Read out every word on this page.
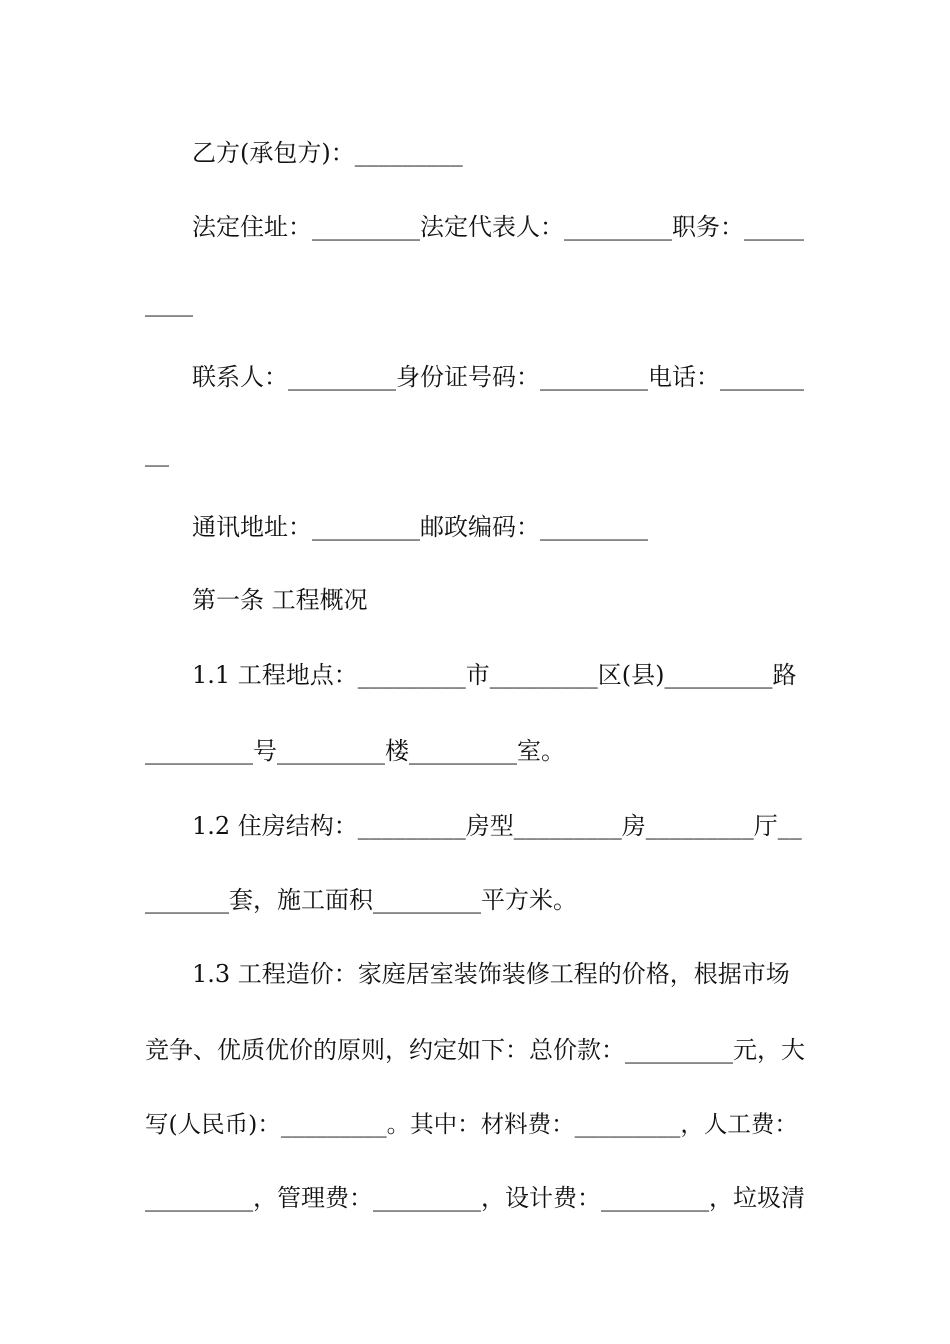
乙方(承包方)：_________
法定住址：_________法定代表人：_________职务：_____
____
联系人：_________身份证号码：_________电话：_______
__
通讯地址：_________邮政编码：_________
第一条 工程概况
1.1 工程地点：_________市_________区(县)_________路
_________号_________楼_________室。
1.2 住房结构：_________房型_________房_________厅__
_______套，施工面积_________平方米。
1.3 工程造价：家庭居室装饰装修工程的价格，根据市场
竞争、优质优价的原则，约定如下：总价款：_________元，大
写(人民币)：_________。其中：材料费：_________，人工费：
_________，管理费：_________，设计费：_________，垃圾清
